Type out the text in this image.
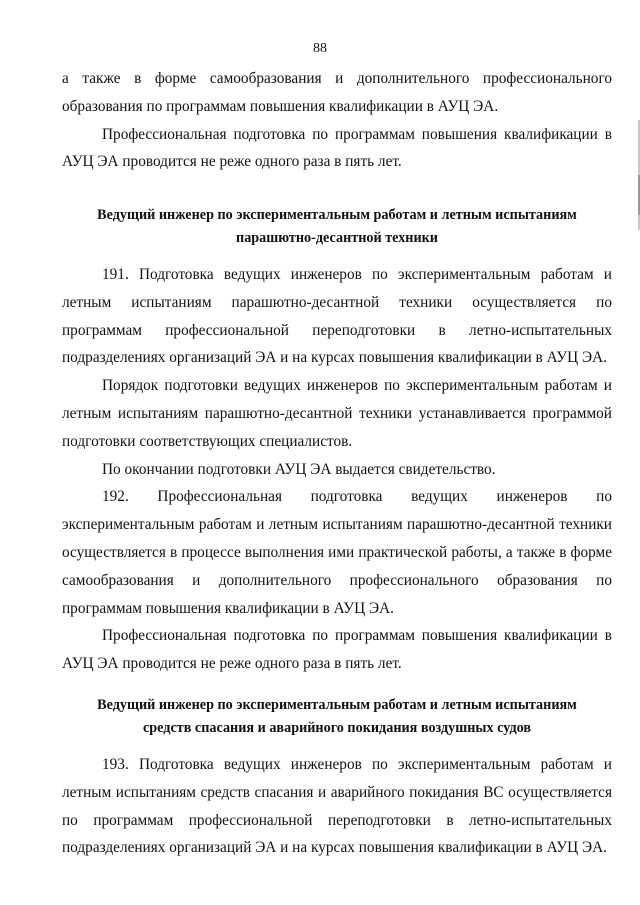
88

а также в форме самообразования и дополнительного профессионального образования по программам повышения квалификации в АУЦ ЭА.

Профессиональная подготовка по программам повышения квалификации в АУЦ ЭА проводится не реже одного раза в пять лет.

Ведущий инженер по экспериментальным работам и летным испытаниям
парашютно-десантной техники

191. Подготовка ведущих инженеров по экспериментальным работам и летным испытаниям парашютно-десантной техники осуществляется по программам профессиональной переподготовки в летно-испытательных подразделениях организаций ЭА и на курсах повышения квалификации в АУЦ ЭА.

Порядок подготовки ведущих инженеров по экспериментальным работам и летным испытаниям парашютно-десантной техники устанавливается программой подготовки соответствующих специалистов.

По окончании подготовки АУЦ ЭА выдается свидетельство.

192. Профессиональная подготовка ведущих инженеров по экспериментальным работам и летным испытаниям парашютно-десантной техники осуществляется в процессе выполнения ими практической работы, а также в форме самообразования и дополнительного профессионального образования по программам повышения квалификации в АУЦ ЭА.

Профессиональная подготовка по программам повышения квалификации в АУЦ ЭА проводится не реже одного раза в пять лет.

Ведущий инженер по экспериментальным работам и летным испытаниям
средств спасания и аварийного покидания воздушных судов

193. Подготовка ведущих инженеров по экспериментальным работам и летным испытаниям средств спасания и аварийного покидания ВС осуществляется по программам профессиональной переподготовки в летно-испытательных подразделениях организаций ЭА и на курсах повышения квалификации в АУЦ ЭА.
